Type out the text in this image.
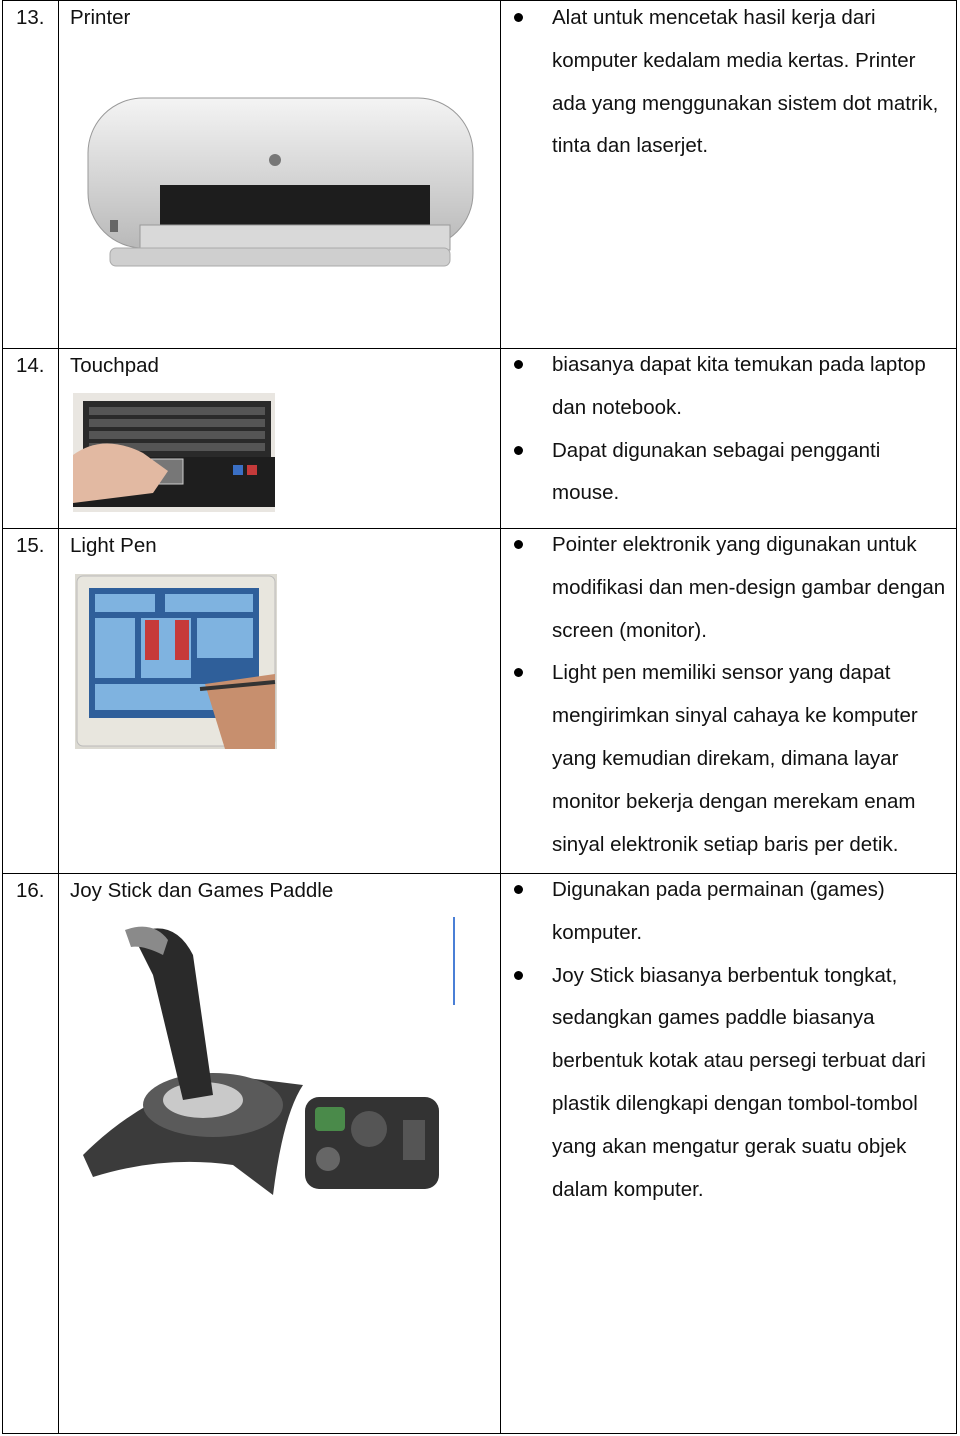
13. Printer	Alat untuk mencetak hasil kerja dari komputer kedalam media kertas. Printer ada yang menggunakan sistem dot matrik, tinta dan laserjet.
14. Touchpad	biasanya dapat kita temukan pada laptop dan notebook.
Dapat digunakan sebagai pengganti mouse.
15. Light Pen	Pointer elektronik yang digunakan untuk modifikasi dan men-design gambar dengan screen (monitor).
Light pen memiliki sensor yang dapat mengirimkan sinyal cahaya ke komputer yang kemudian direkam, dimana layar monitor bekerja dengan merekam enam sinyal elektronik setiap baris per detik.
16. Joy Stick dan Games Paddle	Digunakan pada permainan (games) komputer.
Joy Stick biasanya berbentuk tongkat, sedangkan games paddle biasanya berbentuk kotak atau persegi terbuat dari plastik dilengkapi dengan tombol-tombol yang akan mengatur gerak suatu objek dalam komputer.
